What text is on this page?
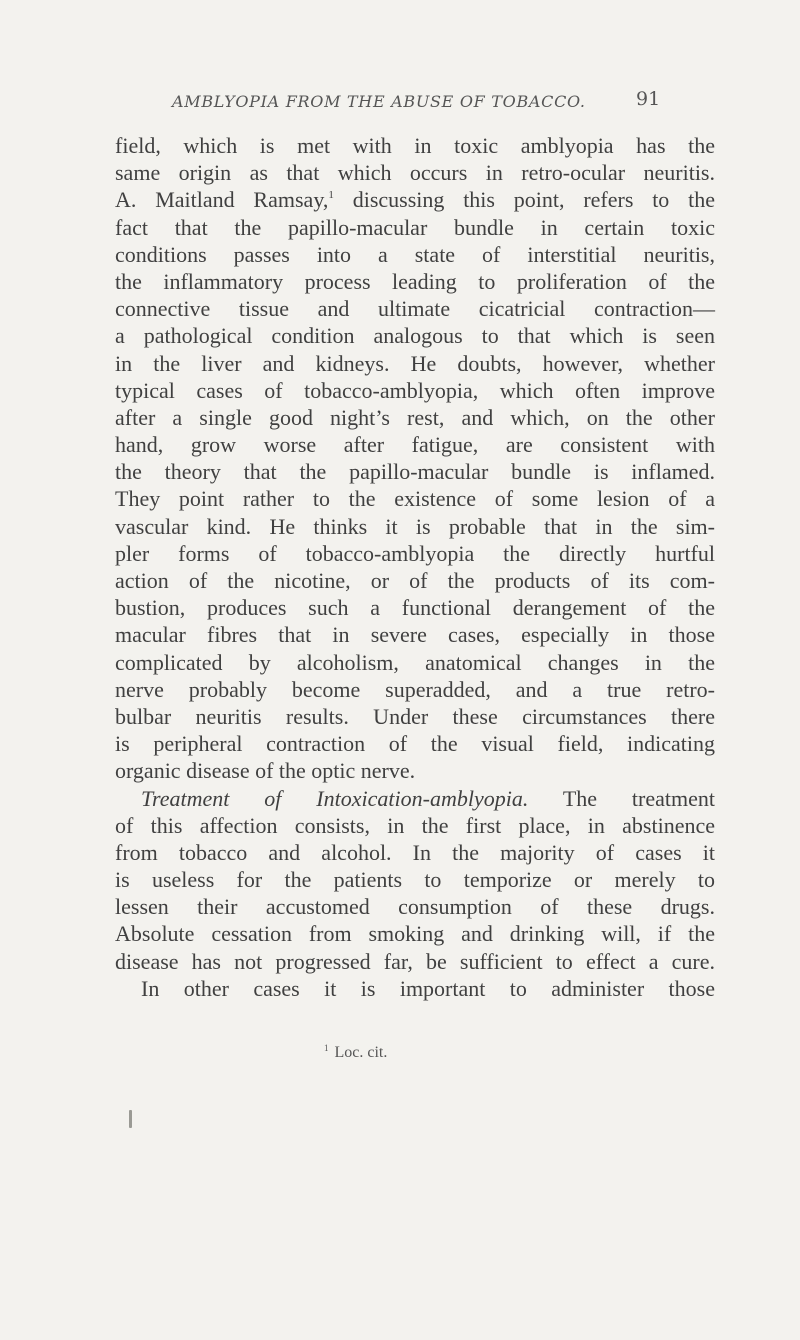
AMBLYOPIA FROM THE ABUSE OF TOBACCO.	91
field, which is met with in toxic amblyopia has the
same origin as that which occurs in retro-ocular neuritis.
A. Maitland Ramsay,$^1$ discussing this point, refers to the
fact that the papillo-macular bundle in certain toxic
conditions passes into a state of interstitial neuritis,
the inflammatory process leading to proliferation of the
connective tissue and ultimate cicatricial contraction—
a pathological condition analogous to that which is seen
in the liver and kidneys. He doubts, however, whether
typical cases of tobacco-amblyopia, which often improve
after a single good night’s rest, and which, on the other
hand, grow worse after fatigue, are consistent with
the theory that the papillo-macular bundle is inflamed.
They point rather to the existence of some lesion of a
vascular kind. He thinks it is probable that in the sim-
pler forms of tobacco-amblyopia the directly hurtful
action of the nicotine, or of the products of its com-
bustion, produces such a functional derangement of the
macular fibres that in severe cases, especially in those
complicated by alcoholism, anatomical changes in the
nerve probably become superadded, and a true retro-
bulbar neuritis results. Under these circumstances there
is peripheral contraction of the visual field, indicating
organic disease of the optic nerve.
Treatment of Intoxication-amblyopia. The treatment
of this affection consists, in the first place, in abstinence
from tobacco and alcohol. In the majority of cases it
is useless for the patients to temporize or merely to
lessen their accustomed consumption of these drugs.
Absolute cessation from smoking and drinking will, if the
disease has not progressed far, be sufficient to effect a cure.
In other cases it is important to administer those
$^1$ Loc. cit.
